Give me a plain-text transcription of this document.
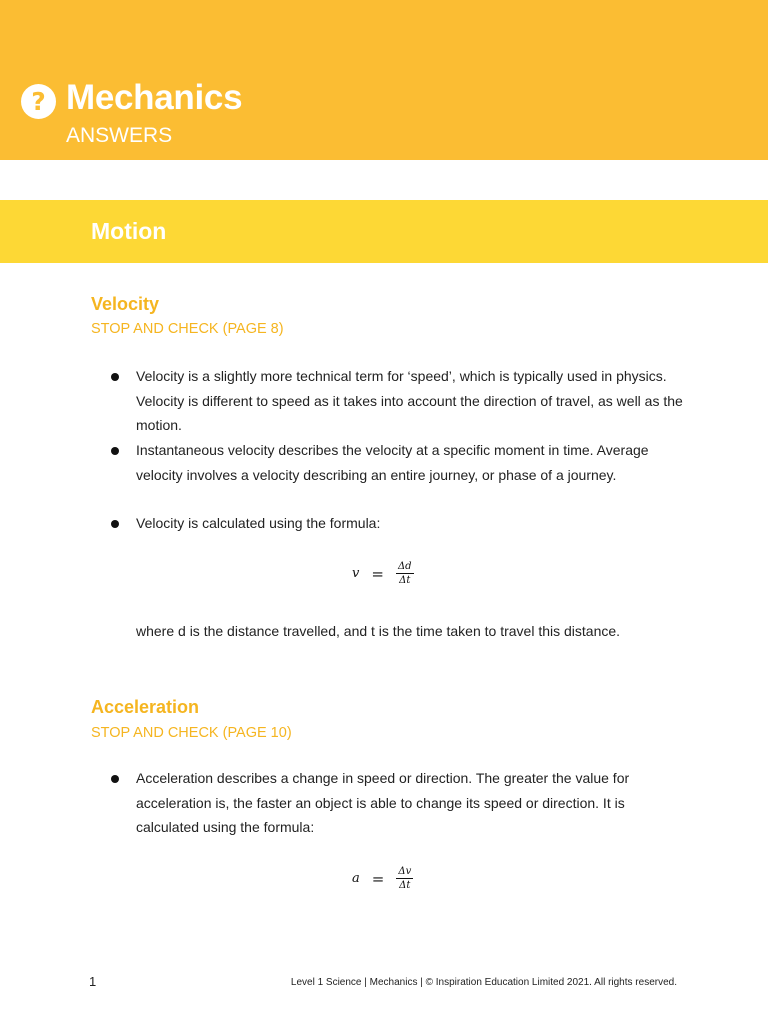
? Mechanics
ANSWERS
Motion
Velocity
STOP AND CHECK (PAGE 8)
Velocity is a slightly more technical term for ‘speed’, which is typically used in physics. Velocity is different to speed as it takes into account the direction of travel, as well as the motion.
Instantaneous velocity describes the velocity at a specific moment in time. Average velocity involves a velocity describing an entire journey, or phase of a journey.
Velocity is calculated using the formula:
$v = \frac{\Delta d}{\Delta t}$
where d is the distance travelled, and t is the time taken to travel this distance.
Acceleration
STOP AND CHECK (PAGE 10)
Acceleration describes a change in speed or direction. The greater the value for acceleration is, the faster an object is able to change its speed or direction. It is calculated using the formula:
$a = \frac{\Delta v}{\Delta t}$
1	Level 1 Science | Mechanics | © Inspiration Education Limited 2021. All rights reserved.
